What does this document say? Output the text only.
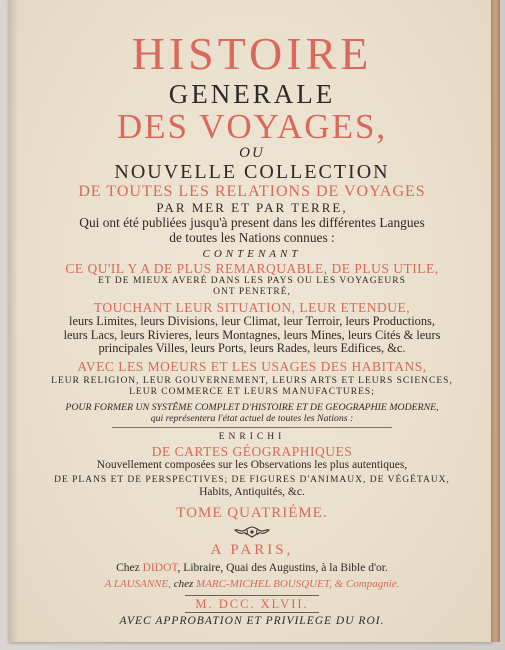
HISTOIRE
GENERALE
DES VOYAGES,
OU
NOUVELLE COLLECTION
DE TOUTES LES RELATIONS DE VOYAGES
PAR MER ET PAR TERRE,
Qui ont été publiées jusqu'à present dans les différentes Langues
de toutes les Nations connues :
CONTENANT
CE QU'IL Y A DE PLUS REMARQUABLE, DE PLUS UTILE,
ET DE MIEUX AVERÉ DANS LES PAYS OU LES VOYAGEURS
ONT PENETRÉ,
TOUCHANT LEUR SITUATION, LEUR ETENDUE,
leurs Limites, leurs Divisions, leur Climat, leur Terroir, leurs Productions,
leurs Lacs, leurs Rivieres, leurs Montagnes, leurs Mines, leurs Cités & leurs
principales Villes, leurs Ports, leurs Rades, leurs Edifices, &c.
AVEC LES MOEURS ET LES USAGES DES HABITANS,
LEUR RELIGION, LEUR GOUVERNEMENT, LEURS ARTS ET LEURS SCIENCES,
LEUR COMMERCE ET LEURS MANUFACTURES;
POUR FORMER UN SYSTÊME COMPLET D'HISTOIRE ET DE GEOGRAPHIE MODERNE,
qui représentera l'état actuel de toutes les Nations :
ENRICHI
DE CARTES GÉOGRAPHIQUES
Nouvellement composées sur les Observations les plus autentiques,
DE PLANS ET DE PERSPECTIVES; DE FIGURES D'ANIMAUX, DE VÉGÉTAUX,
Habits, Antiquités, &c.
TOME QUATRIÉME.
A PARIS,
Chez DIDOT, Libraire, Quai des Augustins, à la Bible d'or.
A LAUSANNE, chez MARC-MICHEL BOUSQUET, & Compagnie.
M. DCC. XLVII.
AVEC APPROBATION ET PRIVILEGE DU ROI.
